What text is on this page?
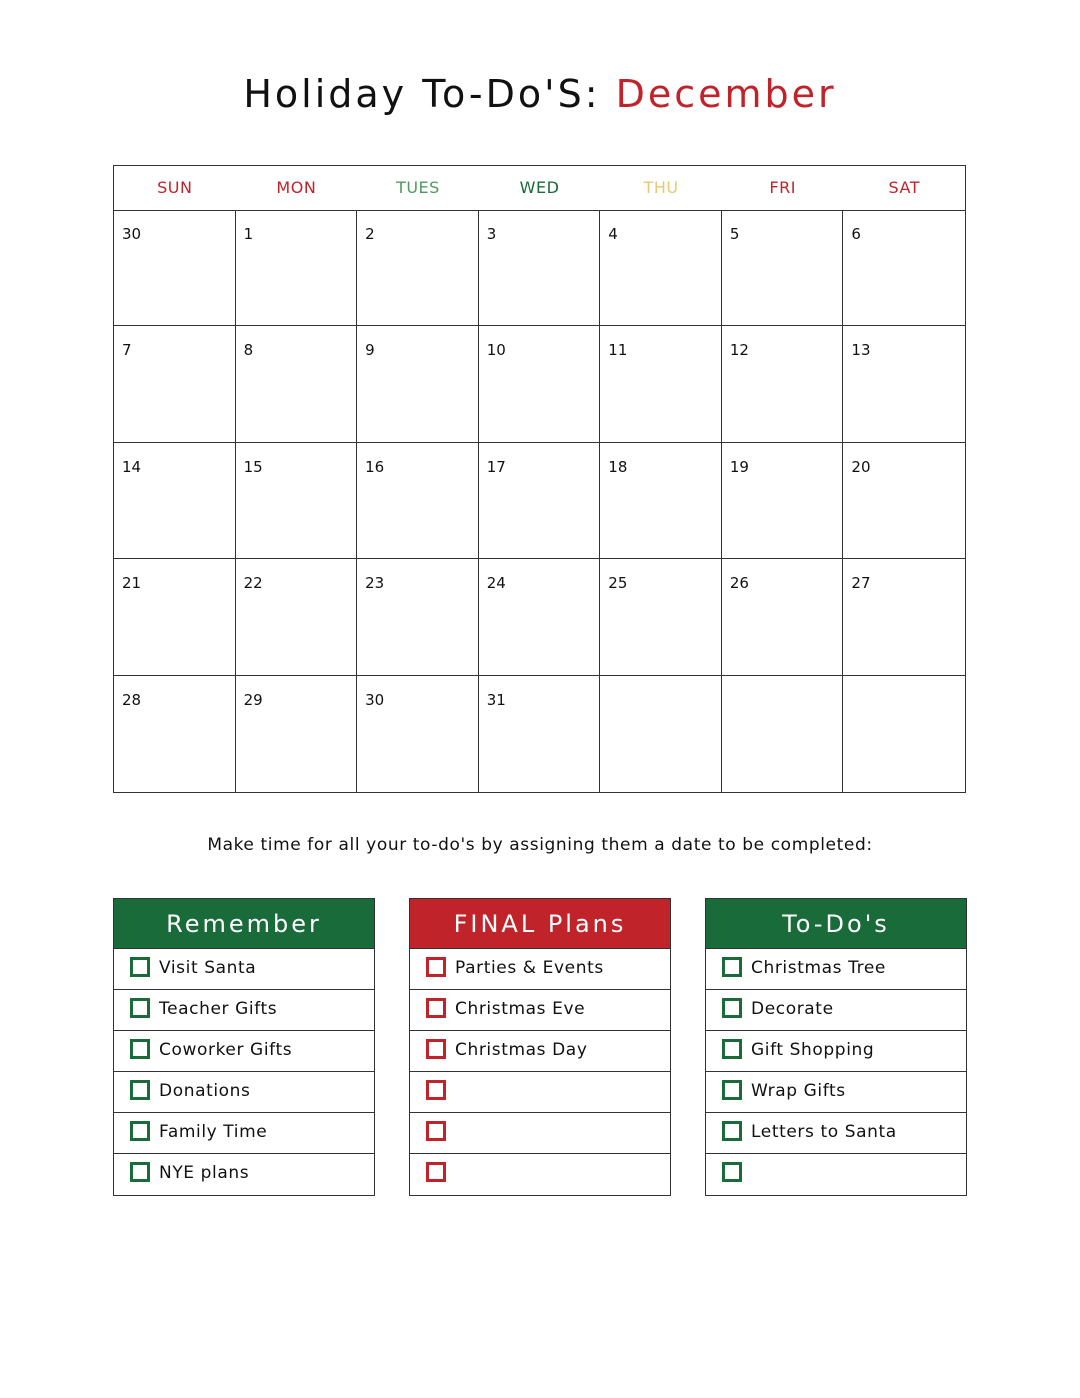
Holiday To-Do'S: December
SUN	MON	TUES	WED	THU	FRI	SAT
30	1	2	3	4	5	6
7	8	9	10	11	12	13
14	15	16	17	18	19	20
21	22	23	24	25	26	27
28	29	30	31
Make time for all your to-do's by assigning them a date to be completed:
Remember
Visit Santa
Teacher Gifts
Coworker Gifts
Donations
Family Time
NYE plans
FINAL Plans
Parties & Events
Christmas Eve
Christmas Day
To-Do's
Christmas Tree
Decorate
Gift Shopping
Wrap Gifts
Letters to Santa
